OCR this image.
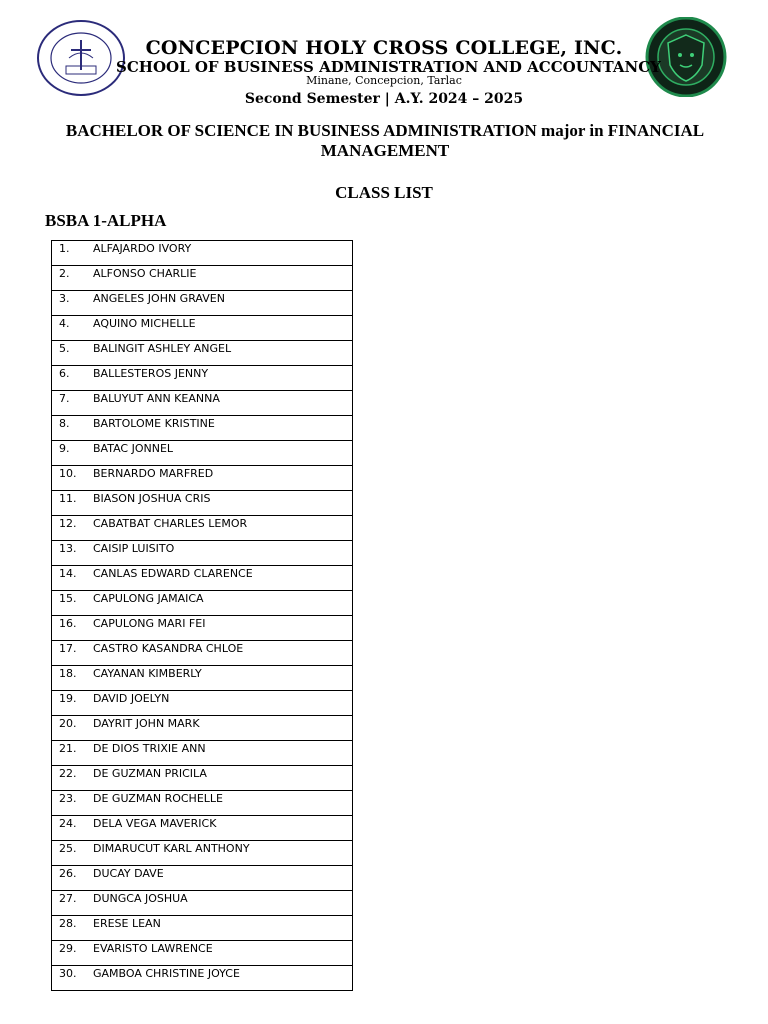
CONCEPCION HOLY CROSS COLLEGE, INC.
SCHOOL OF BUSINESS ADMINISTRATION AND ACCOUNTANCY
Minane, Concepcion, Tarlac
Second Semester | A.Y. 2024 – 2025
BACHELOR OF SCIENCE IN BUSINESS ADMINISTRATION major in FINANCIAL MANAGEMENT
CLASS LIST
BSBA 1-ALPHA
1. ALFAJARDO IVORY
2. ALFONSO CHARLIE
3. ANGELES JOHN GRAVEN
4. AQUINO MICHELLE
5. BALINGIT ASHLEY ANGEL
6. BALLESTEROS JENNY
7. BALUYUT ANN KEANNA
8. BARTOLOME KRISTINE
9. BATAC JONNEL
10. BERNARDO MARFRED
11. BIASON JOSHUA CRIS
12. CABATBAT CHARLES LEMOR
13. CAISIP LUISITO
14. CANLAS EDWARD CLARENCE
15. CAPULONG JAMAICA
16. CAPULONG MARI FEI
17. CASTRO KASANDRA CHLOE
18. CAYANAN KIMBERLY
19. DAVID JOELYN
20. DAYRIT JOHN MARK
21. DE DIOS TRIXIE ANN
22. DE GUZMAN PRICILA
23. DE GUZMAN ROCHELLE
24. DELA VEGA MAVERICK
25. DIMARUCUT KARL ANTHONY
26. DUCAY DAVE
27. DUNGCA JOSHUA
28. ERESE LEAN
29. EVARISTO LAWRENCE
30. GAMBOA CHRISTINE JOYCE
